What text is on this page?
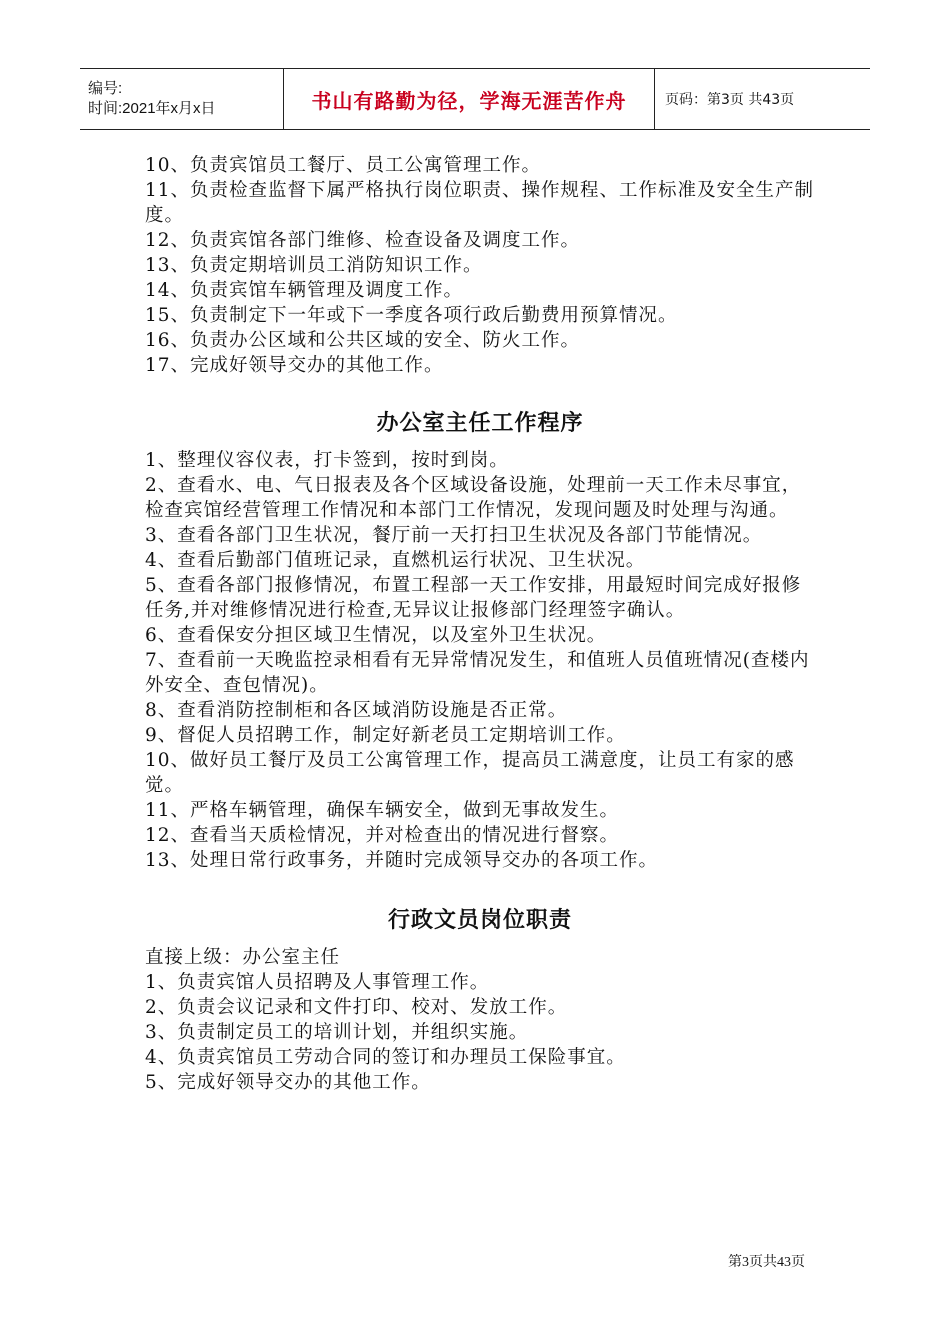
编号:
时间:2021年x月x日	书山有路勤为径，学海无涯苦作舟	页码：第3页 共43页

10、负责宾馆员工餐厅、员工公寓管理工作。

11、负责检查监督下属严格执行岗位职责、操作规程、工作标准及安全生产制度。

12、负责宾馆各部门维修、检查设备及调度工作。

13、负责定期培训员工消防知识工作。

14、负责宾馆车辆管理及调度工作。

15、负责制定下一年或下一季度各项行政后勤费用预算情况。

16、负责办公区域和公共区域的安全、防火工作。

17、完成好领导交办的其他工作。

办公室主任工作程序

1、整理仪容仪表，打卡签到，按时到岗。

2、查看水、电、气日报表及各个区域设备设施，处理前一天工作未尽事宜，检查宾馆经营管理工作情况和本部门工作情况，发现问题及时处理与沟通。

3、查看各部门卫生状况，餐厅前一天打扫卫生状况及各部门节能情况。

4、查看后勤部门值班记录，直燃机运行状况、卫生状况。

5、查看各部门报修情况，布置工程部一天工作安排，用最短时间完成好报修任务,并对维修情况进行检查,无异议让报修部门经理签字确认。

6、查看保安分担区域卫生情况，以及室外卫生状况。

7、查看前一天晚监控录相看有无异常情况发生，和值班人员值班情况(查楼内外安全、查包情况)。

8、查看消防控制柜和各区域消防设施是否正常。

9、督促人员招聘工作，制定好新老员工定期培训工作。

10、做好员工餐厅及员工公寓管理工作，提高员工满意度，让员工有家的感觉。

11、严格车辆管理，确保车辆安全，做到无事故发生。

12、查看当天质检情况，并对检查出的情况进行督察。

13、处理日常行政事务，并随时完成领导交办的各项工作。

行政文员岗位职责

直接上级：办公室主任

1、负责宾馆人员招聘及人事管理工作。

2、负责会议记录和文件打印、校对、发放工作。

3、负责制定员工的培训计划，并组织实施。

4、负责宾馆员工劳动合同的签订和办理员工保险事宜。

5、完成好领导交办的其他工作。

第3页共43页
